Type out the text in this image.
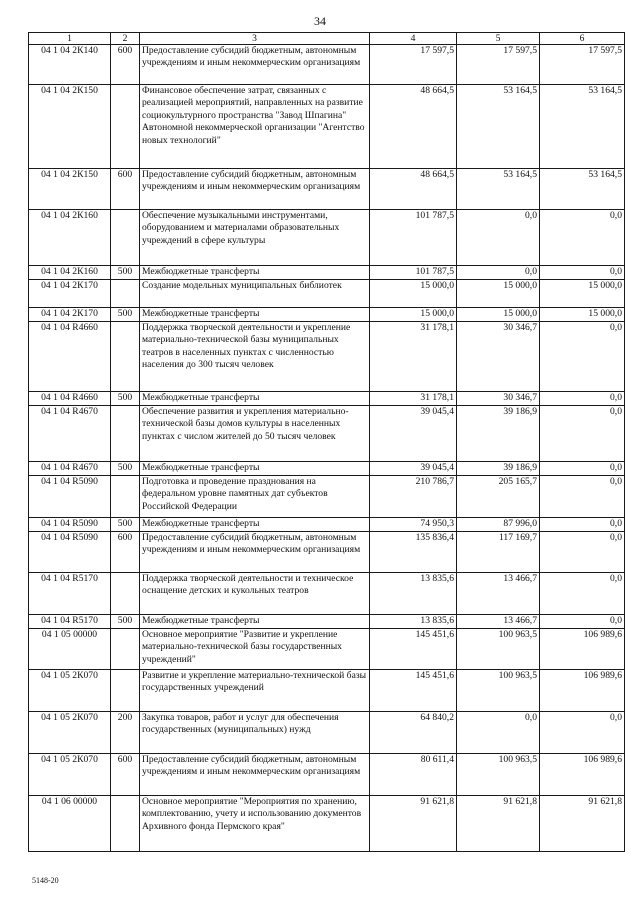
34
1	2	3	4	5	6
04 1 04 2К140	600	Предоставление субсидий бюджетным, автономным учреждениям и иным некоммерческим организациям	17 597,5	17 597,5	17 597,5
04 1 04 2К150		Финансовое обеспечение затрат, связанных с реализацией мероприятий, направленных на развитие социокультурного пространства "Завод Шпагина" Автономной некоммерческой организации "Агентство новых технологий"	48 664,5	53 164,5	53 164,5
04 1 04 2К150	600	Предоставление субсидий бюджетным, автономным учреждениям и иным некоммерческим организациям	48 664,5	53 164,5	53 164,5
04 1 04 2К160		Обеспечение музыкальными инструментами, оборудованием и материалами образовательных учреждений в сфере культуры	101 787,5	0,0	0,0
04 1 04 2К160	500	Межбюджетные трансферты	101 787,5	0,0	0,0
04 1 04 2К170		Создание модельных муниципальных библиотек	15 000,0	15 000,0	15 000,0
04 1 04 2К170	500	Межбюджетные трансферты	15 000,0	15 000,0	15 000,0
04 1 04 R4660		Поддержка творческой деятельности и укрепление материально-технической базы муниципальных театров в населенных пунктах с численностью населения до 300 тысяч человек	31 178,1	30 346,7	0,0
04 1 04 R4660	500	Межбюджетные трансферты	31 178,1	30 346,7	0,0
04 1 04 R4670		Обеспечение развития и укрепления материально-технической базы домов культуры в населенных пунктах с числом жителей до 50 тысяч человек	39 045,4	39 186,9	0,0
04 1 04 R4670	500	Межбюджетные трансферты	39 045,4	39 186,9	0,0
04 1 04 R5090		Подготовка и проведение празднования на федеральном уровне памятных дат субъектов Российской Федерации	210 786,7	205 165,7	0,0
04 1 04 R5090	500	Межбюджетные трансферты	74 950,3	87 996,0	0,0
04 1 04 R5090	600	Предоставление субсидий бюджетным, автономным учреждениям и иным некоммерческим организациям	135 836,4	117 169,7	0,0
04 1 04 R5170		Поддержка творческой деятельности и техническое оснащение детских и кукольных театров	13 835,6	13 466,7	0,0
04 1 04 R5170	500	Межбюджетные трансферты	13 835,6	13 466,7	0,0
04 1 05 00000		Основное мероприятие "Развитие и укрепление материально-технической базы государственных учреждений"	145 451,6	100 963,5	106 989,6
04 1 05 2К070		Развитие и укрепление материально-технической базы государственных учреждений	145 451,6	100 963,5	106 989,6
04 1 05 2К070	200	Закупка товаров, работ и услуг для обеспечения государственных (муниципальных) нужд	64 840,2	0,0	0,0
04 1 05 2К070	600	Предоставление субсидий бюджетным, автономным учреждениям и иным некоммерческим организациям	80 611,4	100 963,5	106 989,6
04 1 06 00000		Основное мероприятие "Мероприятия по хранению, комплектованию, учету и использованию документов Архивного фонда Пермского края"	91 621,8	91 621,8	91 621,8
5148-20
